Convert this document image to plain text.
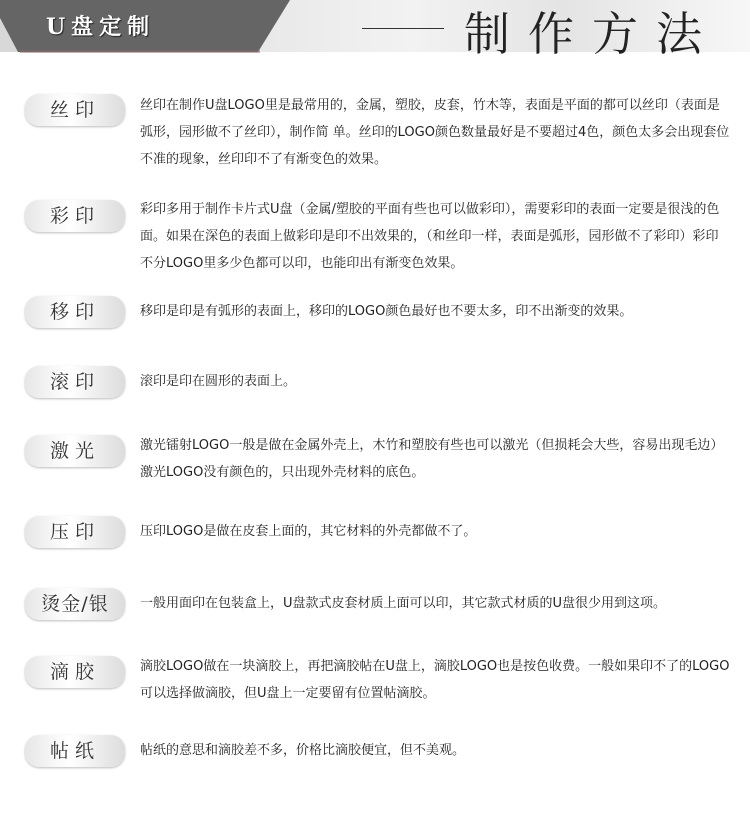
U盘定制	制作方法
丝印	丝印在制作U盘LOGO里是最常用的，金属，塑胶，皮套，竹木等，表面是平面的都可以丝印（表面是弧形，园形做不了丝印），制作简 单。丝印的LOGO颜色数量最好是不要超过4色，颜色太多会出现套位不准的现象，丝印印不了有渐变色的效果。
彩印	彩印多用于制作卡片式U盘（金属/塑胶的平面有些也可以做彩印），需要彩印的表面一定要是很浅的色面。如果在深色的表面上做彩印是印不出效果的，（和丝印一样，表面是弧形，园形做不了彩印）彩印不分LOGO里多少色都可以印，也能印出有渐变色效果。
移印	移印是印是有弧形的表面上，移印的LOGO颜色最好也不要太多，印不出渐变的效果。
滚印	滚印是印在圆形的表面上。
激光	激光镭射LOGO一般是做在金属外壳上，木竹和塑胶有些也可以激光（但损耗会大些，容易出现毛边）激光LOGO没有颜色的，只出现外壳材料的底色。
压印	压印LOGO是做在皮套上面的，其它材料的外壳都做不了。
烫金/银	一般用面印在包装盒上，U盘款式皮套材质上面可以印，其它款式材质的U盘很少用到这项。
滴胶	滴胶LOGO做在一块滴胶上，再把滴胶帖在U盘上，滴胶LOGO也是按色收费。一般如果印不了的LOGO可以选择做滴胶，但U盘上一定要留有位置帖滴胶。
帖纸	帖纸的意思和滴胶差不多，价格比滴胶便宜，但不美观。
